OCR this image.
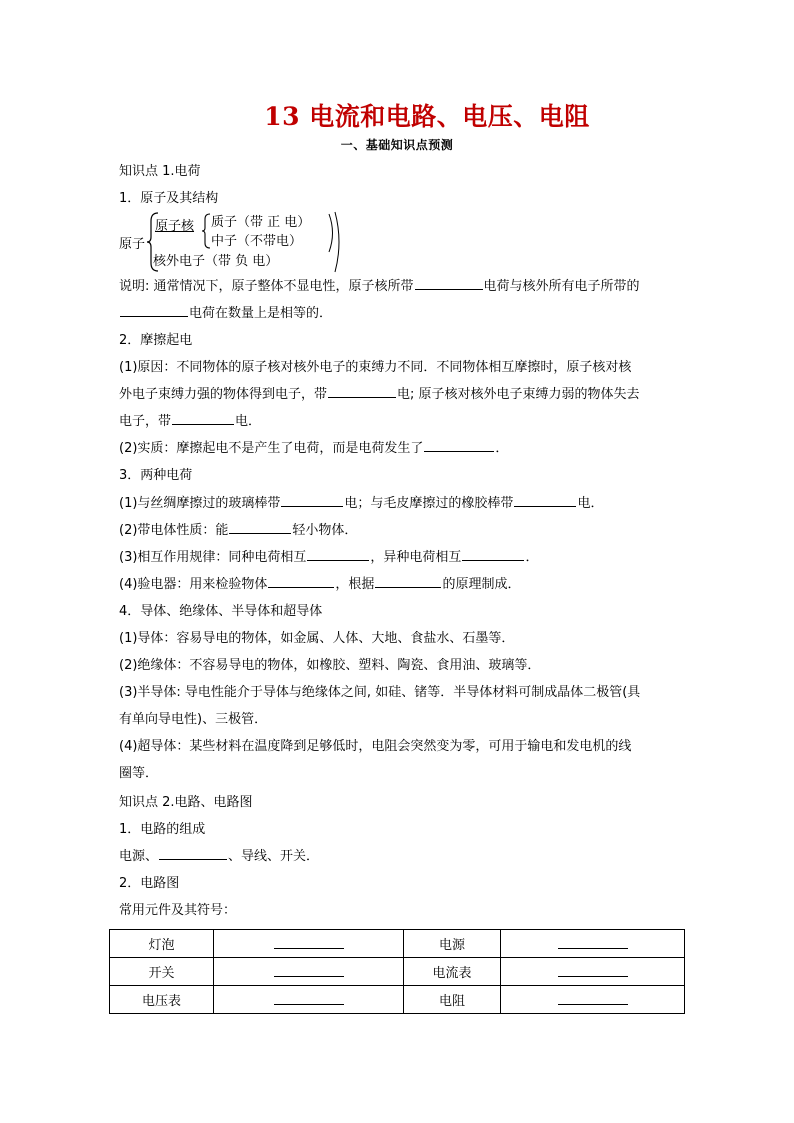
13 电流和电路、电压、电阻
一、基础知识点预测
知识点 1.电荷
1．原子及其结构
原子
原子核 质子（带 正 电）
中子（不带电）
核外电子（带 负 电）
说明: 通常情况下，原子整体不显电性，原子核所带	电荷与核外所有电子所带的
电荷在数量上是相等的．
2．摩擦起电
(1)原因：不同物体的原子核对核外电子的束缚力不同．不同物体相互摩擦时，原子核对核
外电子束缚力强的物体得到电子，带	电; 原子核对核外电子束缚力弱的物体失去
电子，带	电．
(2)实质：摩擦起电不是产生了电荷，而是电荷发生了	．
3．两种电荷
(1)与丝绸摩擦过的玻璃棒带	电；与毛皮摩擦过的橡胶棒带	电．
(2)带电体性质：能	轻小物体．
(3)相互作用规律：同种电荷相互	，异种电荷相互	．
(4)验电器：用来检验物体	，根据	的原理制成．
4．导体、绝缘体、半导体和超导体
(1)导体：容易导电的物体，如金属、人体、大地、食盐水、石墨等．
(2)绝缘体：不容易导电的物体，如橡胶、塑料、陶瓷、食用油、玻璃等．
(3)半导体: 导电性能介于导体与绝缘体之间, 如硅、锗等．半导体材料可制成晶体二极管(具
有单向导电性)、三极管．
(4)超导体：某些材料在温度降到足够低时，电阻会突然变为零，可用于输电和发电机的线
圈等．
知识点 2.电路、电路图
1．电路的组成
电源、	、导线、开关．
2．电路图
常用元件及其符号：
灯泡		电源	
开关		电流表	
电压表		电阻	
